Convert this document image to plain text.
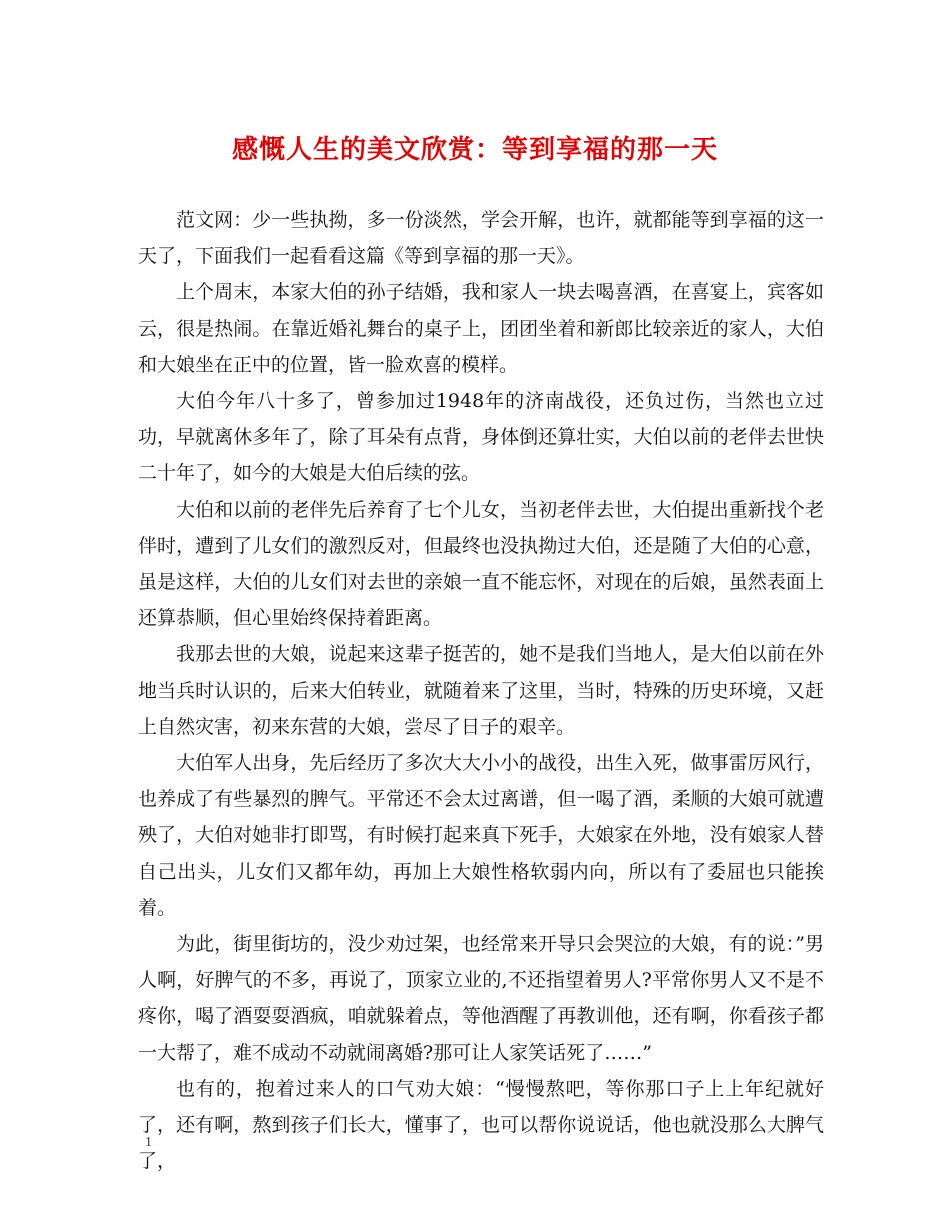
感慨人生的美文欣赏：等到享福的那一天

范文网：少一些执拗，多一份淡然，学会开解，也许，就都能等到享福的这一天了，下面我们一起看看这篇《等到享福的那一天》。

上个周末，本家大伯的孙子结婚，我和家人一块去喝喜酒，在喜宴上，宾客如云，很是热闹。在靠近婚礼舞台的桌子上，团团坐着和新郎比较亲近的家人，大伯和大娘坐在正中的位置，皆一脸欢喜的模样。

大伯今年八十多了，曾参加过1948年的济南战役，还负过伤，当然也立过功，早就离休多年了，除了耳朵有点背，身体倒还算壮实，大伯以前的老伴去世快二十年了，如今的大娘是大伯后续的弦。

大伯和以前的老伴先后养育了七个儿女，当初老伴去世，大伯提出重新找个老伴时，遭到了儿女们的激烈反对，但最终也没执拗过大伯，还是随了大伯的心意，虽是这样，大伯的儿女们对去世的亲娘一直不能忘怀，对现在的后娘，虽然表面上还算恭顺，但心里始终保持着距离。

我那去世的大娘，说起来这辈子挺苦的，她不是我们当地人，是大伯以前在外地当兵时认识的，后来大伯转业，就随着来了这里，当时，特殊的历史环境，又赶上自然灾害，初来东营的大娘，尝尽了日子的艰辛。

大伯军人出身，先后经历了多次大大小小的战役，出生入死，做事雷厉风行，也养成了有些暴烈的脾气。平常还不会太过离谱，但一喝了酒，柔顺的大娘可就遭殃了，大伯对她非打即骂，有时候打起来真下死手，大娘家在外地，没有娘家人替自己出头，儿女们又都年幼，再加上大娘性格软弱内向，所以有了委屈也只能挨着。

为此，街里街坊的，没少劝过架，也经常来开导只会哭泣的大娘，有的说：”男人啊，好脾气的不多，再说了，顶家立业的,不还指望着男人?平常你男人又不是不疼你，喝了酒耍耍酒疯，咱就躲着点，等他酒醒了再教训他，还有啊，你看孩子都一大帮了，难不成动不动就闹离婚?那可让人家笑话死了……”

也有的，抱着过来人的口气劝大娘：“慢慢熬吧，等你那口子上上年纪就好了，还有啊，熬到孩子们长大，懂事了，也可以帮你说说话，他也就没那么大脾气了，

1
